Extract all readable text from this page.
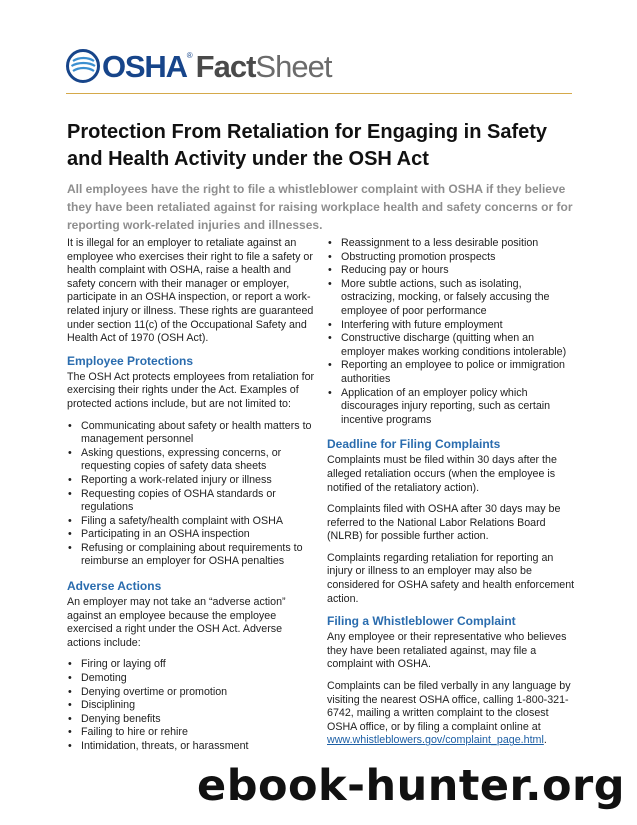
OSHA ® Fact Sheet
Protection From Retaliation for Engaging in Safety and Health Activity under the OSH Act

All employees have the right to file a whistleblower complaint with OSHA if they believe they have been retaliated against for raising workplace health and safety concerns or for reporting work-related injuries and illnesses.

It is illegal for an employer to retaliate against an employee who exercises their right to file a safety or health complaint with OSHA, raise a health and safety concern with their manager or employer, participate in an OSHA inspection, or report a work-related injury or illness. These rights are guaranteed under section 11(c) of the Occupational Safety and Health Act of 1970 (OSH Act).

Employee Protections

The OSH Act protects employees from retaliation for exercising their rights under the Act. Examples of protected actions include, but are not limited to:

• Communicating about safety or health matters to management personnel
• Asking questions, expressing concerns, or requesting copies of safety data sheets
• Reporting a work-related injury or illness
• Requesting copies of OSHA standards or regulations
• Filing a safety/health complaint with OSHA
• Participating in an OSHA inspection
• Refusing or complaining about requirements to reimburse an employer for OSHA penalties
Adverse Actions

An employer may not take an “adverse action” against an employee because the employee exercised a right under the OSH Act. Adverse actions include:

• Firing or laying off
• Demoting
• Denying overtime or promotion
• Disciplining
• Denying benefits
• Failing to hire or rehire
• Intimidation, threats, or harassment
• Reassignment to a less desirable position
• Obstructing promotion prospects
• Reducing pay or hours
• More subtle actions, such as isolating, ostracizing, mocking, or falsely accusing the employee of poor performance
• Interfering with future employment
• Constructive discharge (quitting when an employer makes working conditions intolerable)
• Reporting an employee to police or immigration authorities
• Application of an employer policy which discourages injury reporting, such as certain incentive programs
Deadline for Filing Complaints

Complaints must be filed within 30 days after the alleged retaliation occurs (when the employee is notified of the retaliatory action).

Complaints filed with OSHA after 30 days may be referred to the National Labor Relations Board (NLRB) for possible further action.

Complaints regarding retaliation for reporting an injury or illness to an employer may also be considered for OSHA safety and health enforcement action.

Filing a Whistleblower Complaint

Any employee or their representative who believes they have been retaliated against, may file a complaint with OSHA.

Complaints can be filed verbally in any language by visiting the nearest OSHA office, calling 1-800-321-6742, mailing a written complaint to the closest OSHA office, or by filing a complaint online at www.whistleblowers.gov/complaint_page.html.

ebook-hunter.org
